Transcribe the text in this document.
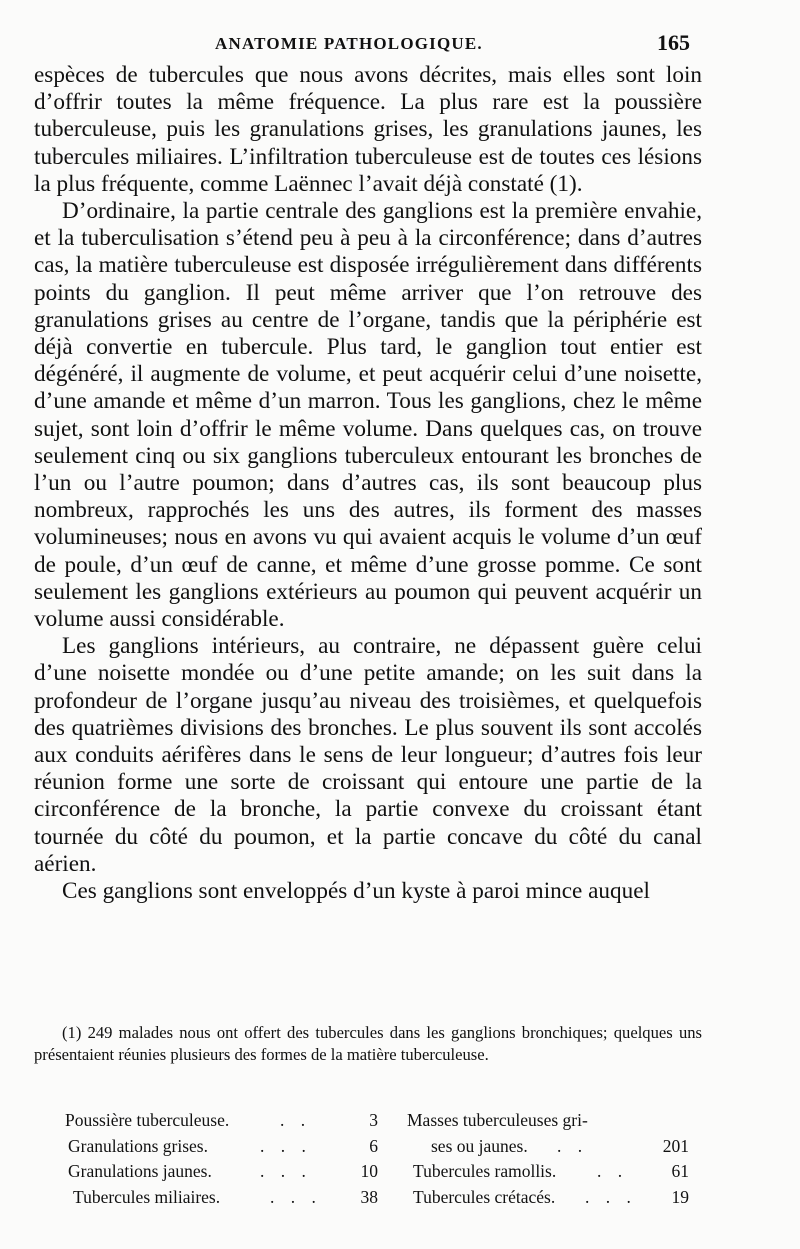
ANATOMIE PATHOLOGIQUE.	165

espèces de tubercules que nous avons décrites, mais elles sont loin d’offrir toutes la même fréquence. La plus rare est la poussière tuberculeuse, puis les granulations grises, les granulations jaunes, les tubercules miliaires. L’infiltration tuberculeuse est de toutes ces lésions la plus fréquente, comme Laënnec l’avait déjà constaté (1).

D’ordinaire, la partie centrale des ganglions est la première envahie, et la tuberculisation s’étend peu à peu à la circonférence; dans d’autres cas, la matière tuberculeuse est disposée irrégulièrement dans différents points du ganglion. Il peut même arriver que l’on retrouve des granulations grises au centre de l’organe, tandis que la périphérie est déjà convertie en tubercule. Plus tard, le ganglion tout entier est dégénéré, il augmente de volume, et peut acquérir celui d’une noisette, d’une amande et même d’un marron. Tous les ganglions, chez le même sujet, sont loin d’offrir le même volume. Dans quelques cas, on trouve seulement cinq ou six ganglions tuberculeux entourant les bronches de l’un ou l’autre poumon; dans d’autres cas, ils sont beaucoup plus nombreux, rapprochés les uns des autres, ils forment des masses volumineuses; nous en avons vu qui avaient acquis le volume d’un œuf de poule, d’un œuf de canne, et même d’une grosse pomme. Ce sont seulement les ganglions extérieurs au poumon qui peuvent acquérir un volume aussi considérable.

Les ganglions intérieurs, au contraire, ne dépassent guère celui d’une noisette mondée ou d’une petite amande; on les suit dans la profondeur de l’organe jusqu’au niveau des troisièmes, et quelquefois des quatrièmes divisions des bronches. Le plus souvent ils sont accolés aux conduits aérifères dans le sens de leur longueur; d’autres fois leur réunion forme une sorte de croissant qui entoure une partie de la circonférence de la bronche, la partie convexe du croissant étant tournée du côté du poumon, et la partie concave du côté du canal aérien.

Ces ganglions sont enveloppés d’un kyste à paroi mince auquel

(1) 249 malades nous ont offert des tubercules dans les ganglions bronchiques; quelques uns présentaient réunies plusieurs des formes de la matière tuberculeuse.
Poussière tuberculeuse.	. .	3
Granulations grises.	. . .	6
Granulations jaunes.	. . .	10
Tubercules miliaires.	. . . 38
Masses tuberculeuses gri-
ses ou jaunes. . .	201
Tubercules ramollis. . . 61
Tubercules crétacés. . . . 19
